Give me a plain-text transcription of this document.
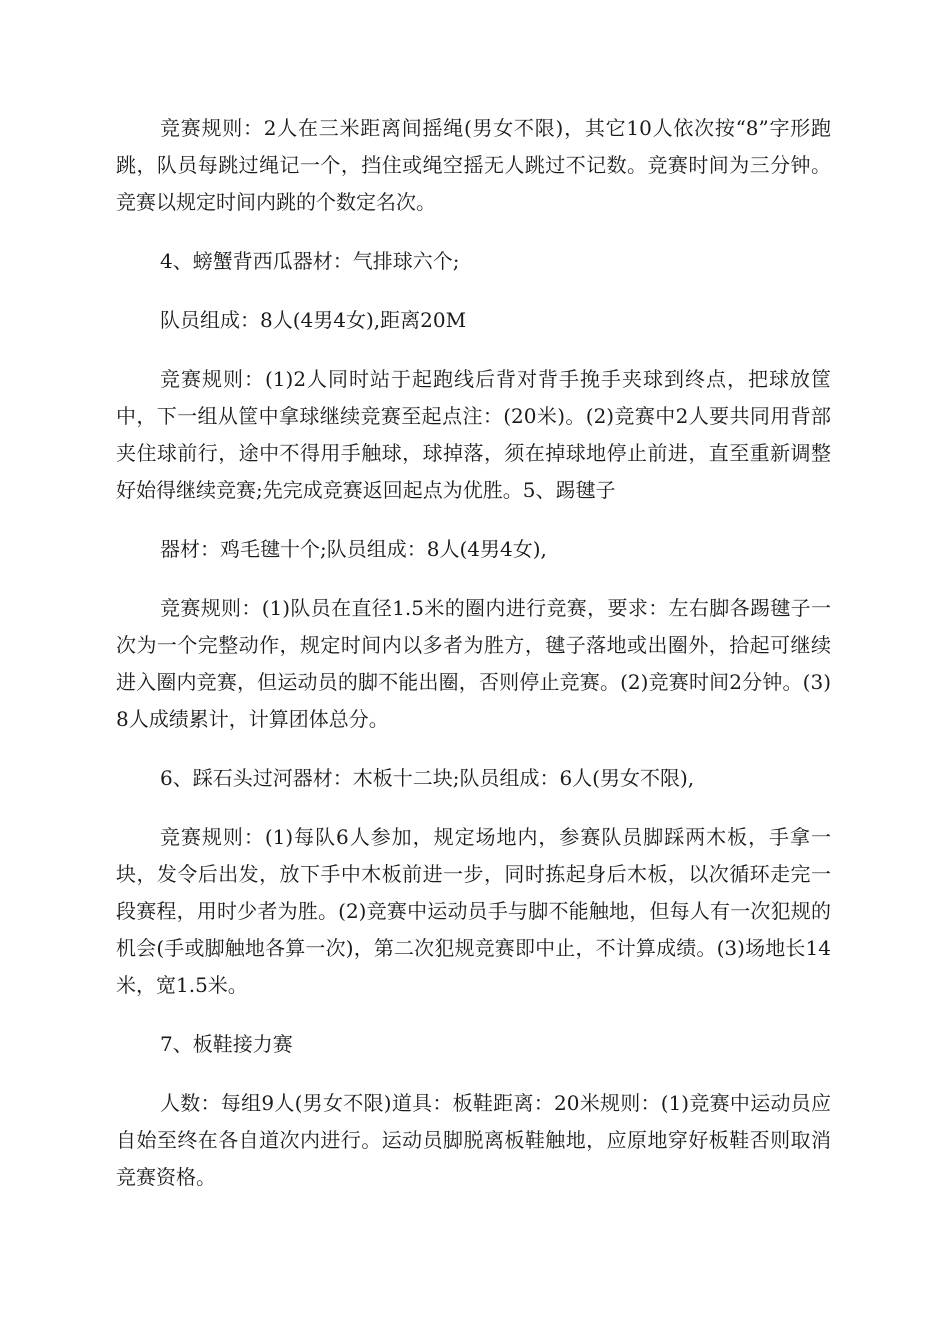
竞赛规则：2人在三米距离间摇绳(男女不限)，其它10人依次按“8”字形跑跳，队员每跳过绳记一个，挡住或绳空摇无人跳过不记数。竞赛时间为三分钟。竞赛以规定时间内跳的个数定名次。

4、螃蟹背西瓜器材：气排球六个;

队员组成：8人(4男4女),距离20M

竞赛规则：(1)2人同时站于起跑线后背对背手挽手夹球到终点，把球放筐中，下一组从筐中拿球继续竞赛至起点注：(20米)。(2)竞赛中2人要共同用背部夹住球前行，途中不得用手触球，球掉落，须在掉球地停止前进，直至重新调整好始得继续竞赛;先完成竞赛返回起点为优胜。5、踢毽子

器材：鸡毛毽十个;队员组成：8人(4男4女),

竞赛规则：(1)队员在直径1.5米的圈内进行竞赛，要求：左右脚各踢毽子一次为一个完整动作，规定时间内以多者为胜方，毽子落地或出圈外，拾起可继续进入圈内竞赛，但运动员的脚不能出圈，否则停止竞赛。(2)竞赛时间2分钟。(3)8人成绩累计，计算团体总分。

6、踩石头过河器材：木板十二块;队员组成：6人(男女不限),

竞赛规则：(1)每队6人参加，规定场地内，参赛队员脚踩两木板，手拿一块，发令后出发，放下手中木板前进一步，同时拣起身后木板，以次循环走完一段赛程，用时少者为胜。(2)竞赛中运动员手与脚不能触地，但每人有一次犯规的机会(手或脚触地各算一次)，第二次犯规竞赛即中止，不计算成绩。(3)场地长14米，宽1.5米。

7、板鞋接力赛

人数：每组9人(男女不限)道具：板鞋距离：20米规则：(1)竞赛中运动员应自始至终在各自道次内进行。运动员脚脱离板鞋触地，应原地穿好板鞋否则取消竞赛资格。
